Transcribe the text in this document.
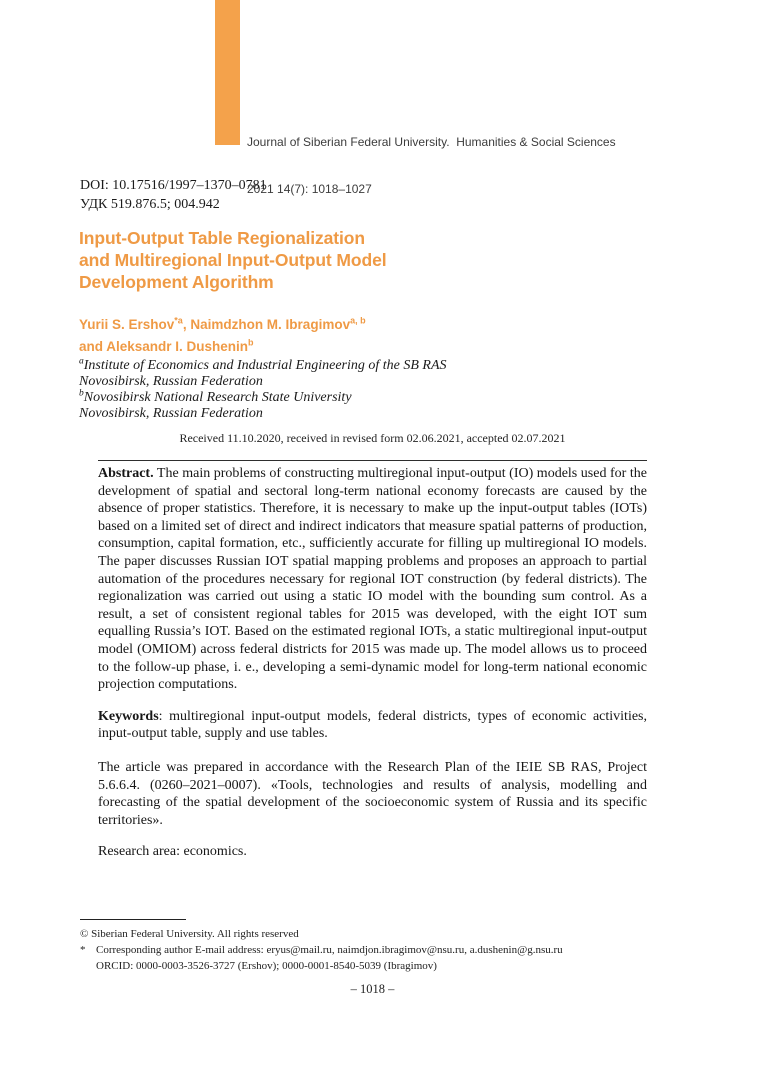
Journal of Siberian Federal University.  Humanities & Social Sciences

2021 14(7): 1018–1027

DOI: 10.17516/1997–1370–0781
УДК 519.876.5; 004.942
Input-Output Table Regionalization
and Multiregional Input-Output Model
Development Algorithm
Yurii S. Ershov$^{*a}$, Naimdzhon M. Ibragimov$^{a, b}$
and Aleksandr I. Dushenin$^b$
$^a$Institute of Economics and Industrial Engineering of the SB RAS
Novosibirsk, Russian Federation
$^b$Novosibirsk National Research State University
Novosibirsk, Russian Federation
Received 11.10.2020, received in revised form 02.06.2021, accepted 02.07.2021

Abstract. The main problems of constructing multiregional input-output (IO) models used for the development of spatial and sectoral long-term national economy forecasts are caused by the absence of proper statistics. Therefore, it is necessary to make up the input-output tables (IOTs) based on a limited set of direct and indirect indicators that measure spatial patterns of production, consumption, capital formation, etc., sufficiently accurate for filling up multiregional IO models. The paper discusses Russian IOT spatial mapping problems and proposes an approach to partial automation of the procedures necessary for regional IOT construction (by federal districts). The regionalization was carried out using a static IO model with the bounding sum control. As a result, a set of consistent regional tables for 2015 was developed, with the eight IOT sum equalling Russia’s IOT. Based on the estimated regional IOTs, a static multiregional input-output model (OMIOM) across federal districts for 2015 was made up. The model allows us to proceed to the follow-up phase, i. e., developing a semi-dynamic model for long-term national economic projection computations.

Keywords: multiregional input-output models, federal districts, types of economic activities, input-output table, supply and use tables.

The article was prepared in accordance with the Research Plan of the IEIE SB RAS, Project 5.6.6.4. (0260–2021–0007). «Tools, technologies and results of analysis, modelling and forecasting of the spatial development of the socioeconomic system of Russia and its specific territories».

Research area: economics.

© Siberian Federal University. All rights reserved
* Corresponding author E-mail address: eryus@mail.ru, naimdjon.ibragimov@nsu.ru, a.dushenin@g.nsu.ru
ORCID: 0000-0003-3526-3727 (Ershov); 0000-0001-8540-5039 (Ibragimov)
– 1018 –
